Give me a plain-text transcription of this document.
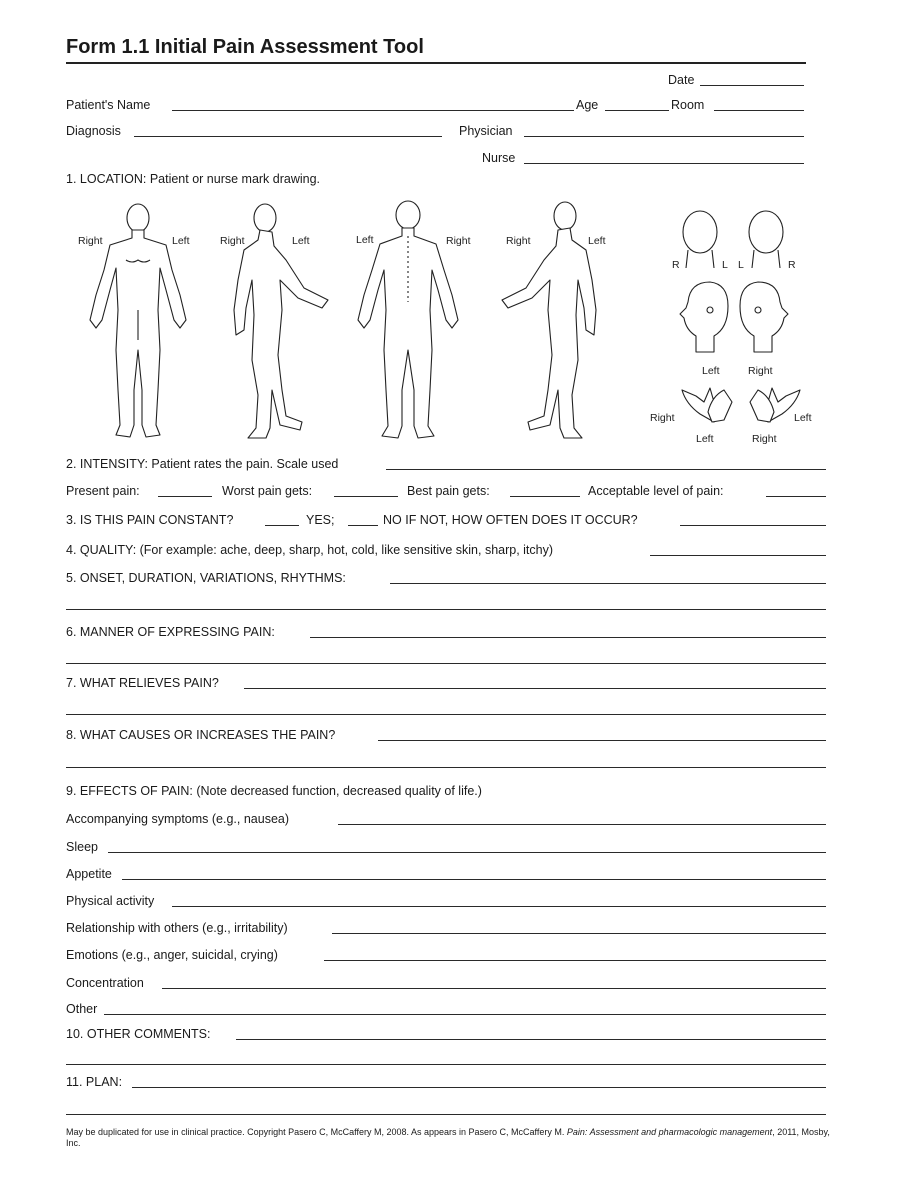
Form 1.1 Initial Pain Assessment Tool
Date
Patient's Name	Age	Room
Diagnosis	Physician
Nurse
1. LOCATION: Patient or nurse mark drawing.
Right	Left	Right	Left	Left	Right	Right	Left
R	L L	R
Left	Right
Right	Left
Left	Right
2. INTENSITY: Patient rates the pain. Scale used
Present pain:	Worst pain gets:	Best pain gets:	Acceptable level of pain:
3. IS THIS PAIN CONSTANT?	YES;	NO IF NOT, HOW OFTEN DOES IT OCCUR?
4. QUALITY: (For example: ache, deep, sharp, hot, cold, like sensitive skin, sharp, itchy)
5. ONSET, DURATION, VARIATIONS, RHYTHMS:
6. MANNER OF EXPRESSING PAIN:
7. WHAT RELIEVES PAIN?
8. WHAT CAUSES OR INCREASES THE PAIN?
9. EFFECTS OF PAIN: (Note decreased function, decreased quality of life.)
Accompanying symptoms (e.g., nausea)
Sleep
Appetite
Physical activity
Relationship with others (e.g., irritability)
Emotions (e.g., anger, suicidal, crying)
Concentration
Other
10. OTHER COMMENTS:
11. PLAN:
May be duplicated for use in clinical practice. Copyright Pasero C, McCaffery M, 2008. As appears in Pasero C, McCaffery M. Pain: Assessment and pharmacologic management, 2011, Mosby, Inc.
